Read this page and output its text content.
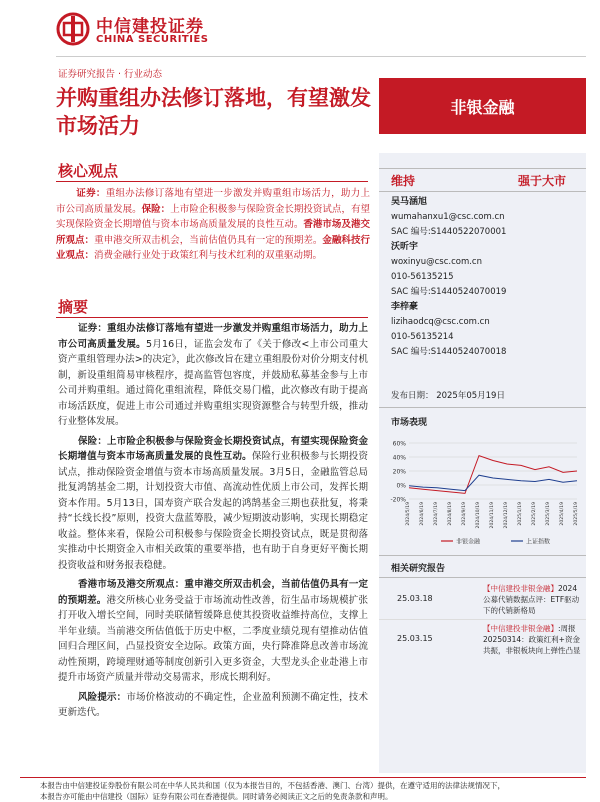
中信建投证券
CHINA SECURITIES
证券研究报告 · 行业动态
并购重组办法修订落地，有望激发市场活力
非银金融
核心观点
证券：重组办法修订落地有望进一步激发并购重组市场活力，助力上市公司高质量发展。保险：上市险企积极参与保险资金长期投资试点，有望实现保险资金长期增值与资本市场高质量发展的良性互动。香港市场及港交所观点：重申港交所双击机会，当前估值仍具有一定的预期差。金融科技行业观点：消费金融行业处于政策红利与技术红利的双重驱动期。
摘要

证券：重组办法修订落地有望进一步激发并购重组市场活力，助力上市公司高质量发展。5月16日，证监会发布了《关于修改<上市公司重大资产重组管理办法>的决定》，此次修改旨在建立重组股份对价分期支付机制，新设重组简易审核程序，提高监管包容度，并鼓励私募基金参与上市公司并购重组。通过简化重组流程，降低交易门槛，此次修改有助于提高市场活跃度，促进上市公司通过并购重组实现资源整合与转型升级，推动行业整体发展。

保险：上市险企积极参与保险资金长期投资试点，有望实现保险资金长期增值与资本市场高质量发展的良性互动。保险行业积极参与长期投资试点，推动保险资金增值与资本市场高质量发展。3月5日，金融监管总局批复鸿鹄基金二期，计划投资大市值、高流动性优质上市公司，发挥长期资本作用。5月13日，国寿资产联合发起的鸿鹄基金三期也获批复，将秉持“长线长投”原则，投资大盘蓝筹股，减少短期波动影响，实现长期稳定收益。整体来看，保险公司积极参与保险资金长期投资试点，既是贯彻落实推动中长期资金入市相关政策的重要举措，也有助于自身更好平衡长期投资收益和财务报表稳健。

香港市场及港交所观点：重申港交所双击机会，当前估值仍具有一定的预期差。港交所核心业务受益于市场流动性改善，衍生品市场规模扩张打开收入增长空间，同时美联储暂缓降息使其投资收益维持高位，支撑上半年业绩。当前港交所估值低于历史中枢，二季度业绩兑现有望推动估值回归合理区间，凸显投资安全边际。政策方面，央行降准降息改善市场流动性预期，跨境理财通等制度创新引入更多资金，大型龙头企业赴港上市提升市场资产质量并带动交易需求，形成长期利好。

风险提示：市场价格波动的不确定性，企业盈利预测不确定性，技术更新迭代。

维持	强于大市
吴马涵旭
wumahanxu1@csc.com.cn
SAC 编号:S1440522070001
沃昕宇
woxinyu@csc.com.cn
010-56135215
SAC 编号:S1440524070019
李梓豪
lizihaodcq@csc.com.cn
010-56135214
SAC 编号:S1440524070018
发布日期： 2025年05月19日
市场表现
60%
40%
20%
0%
-20%
2024/5/19 2024/6/19 2024/7/19 2024/8/19 2024/9/19 2024/10/19 2024/11/19 2024/12/19 2025/1/19 2025/2/19 2025/3/19 2025/4/19 2025/5/19
非银金融	上证指数
相关研究报告
25.03.18
【中信建投非银金融】2024公募代销数据点评：ETF驱动下的代销新格局
25.03.15
【中信建投非银金融】:周报20250314：政策红利+资金共振，非银板块向上弹性凸显
本报告由中信建投证券股份有限公司在中华人民共和国（仅为本报告目的，不包括香港、澳门、台湾）提供，在遵守适用的法律法规情况下，
本报告亦可能由中信建投（国际）证券有限公司在香港提供。同时请务必阅读正文之后的免责条款和声明。
